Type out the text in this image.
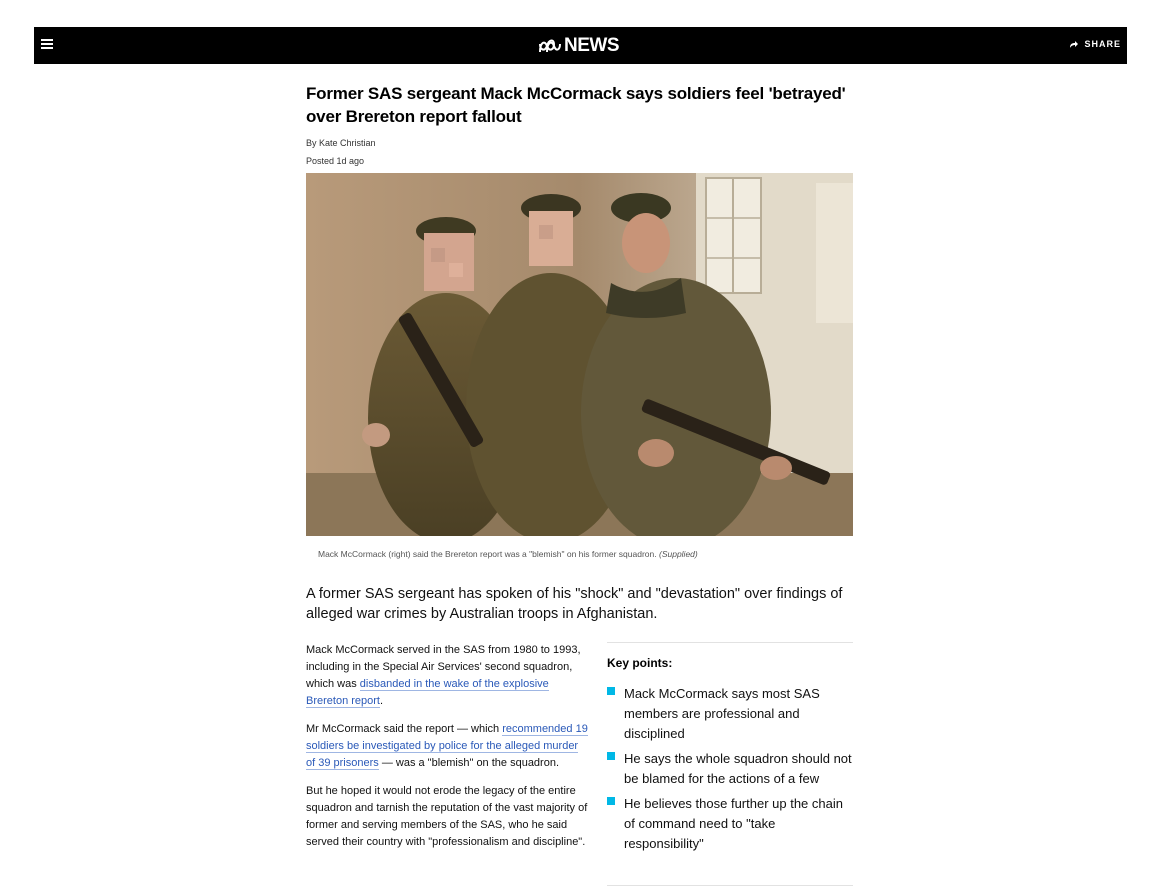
NEWS	SHARE
Former SAS sergeant Mack McCormack says soldiers feel 'betrayed' over Brereton report fallout
By Kate Christian
Posted 1d ago
Mack McCormack (right) said the Brereton report was a "blemish" on his former squadron. (Supplied)

A former SAS sergeant has spoken of his "shock" and "devastation" over findings of alleged war crimes by Australian troops in Afghanistan.

Mack McCormack served in the SAS from 1980 to 1993, including in the Special Air Services' second squadron, which was disbanded in the wake of the explosive Brereton report.

Mr McCormack said the report — which recommended 19 soldiers be investigated by police for the alleged murder of 39 prisoners — was a "blemish" on the squadron.

But he hoped it would not erode the legacy of the entire squadron and tarnish the reputation of the vast majority of former and serving members of the SAS, who he said served their country with "professionalism and discipline".

Key points:
Mack McCormack says most SAS members are professional and disciplined
He says the whole squadron should not be blamed for the actions of a few
He believes those further up the chain of command need to "take responsibility"
